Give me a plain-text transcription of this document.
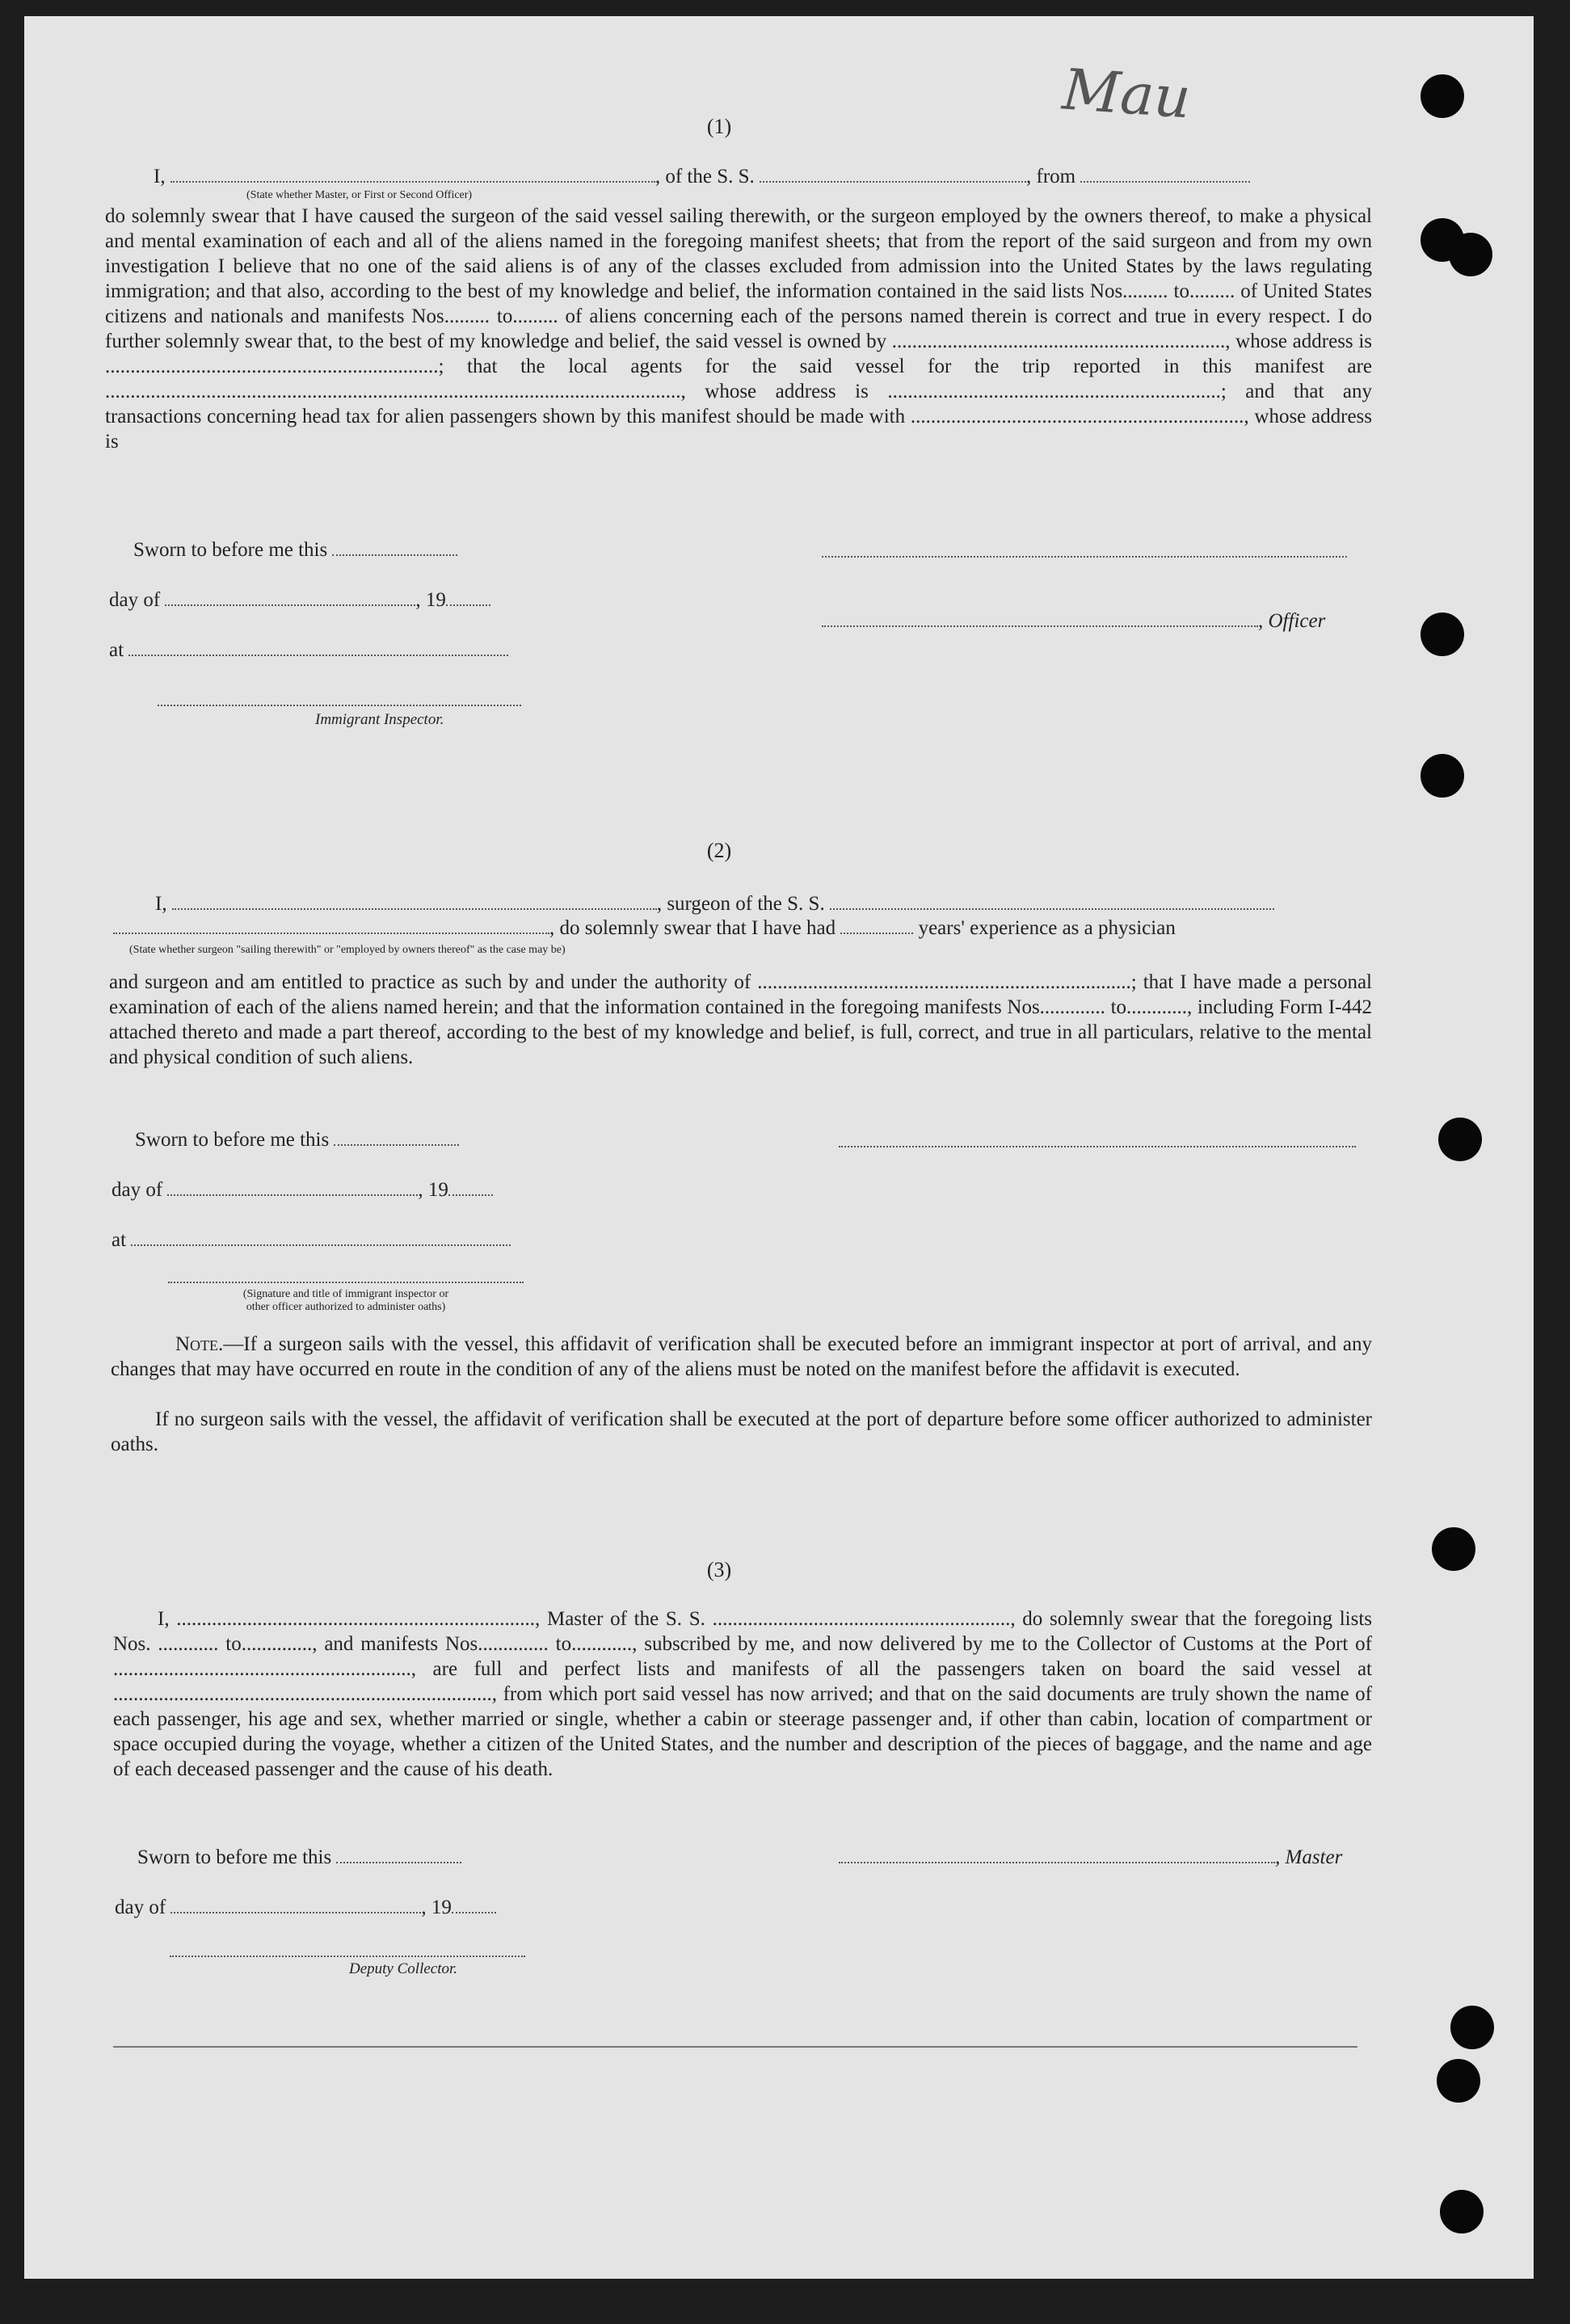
Mau
(1)
I,	, of the S. S.	, from
(State whether Master, or First or Second Officer)
do solemnly swear that I have caused the surgeon of the said vessel sailing therewith, or the surgeon employed by the owners thereof, to make a physical and mental examination of each and all of the aliens named in the foregoing manifest sheets; that from the report of the said surgeon and from my own investigation I believe that no one of the said aliens is of any of the classes excluded from admission into the United States by the laws regulating immigration; and that also, according to the best of my knowledge and belief, the information contained in the said lists Nos......... to......... of United States citizens and nationals and manifests Nos......... to......... of aliens concerning each of the persons named therein is correct and true in every respect. I do further solemnly swear that, to the best of my knowledge and belief, the said vessel is owned by .................................................................., whose address is ..................................................................; that the local agents for the said vessel for the trip reported in this manifest are .................................................................................................................., whose address is ..................................................................; and that any transactions concerning head tax for alien passengers shown by this manifest should be made with .................................................................., whose address is
Sworn to before me this
day of	, 19
at
Immigrant Inspector.
, Officer
(2)
I,	, surgeon of the S. S.
, do solemnly swear that I have had	years' experience as a physician
(State whether surgeon "sailing therewith" or "employed by owners thereof" as the case may be)
and surgeon and am entitled to practice as such by and under the authority of ..........................................................................; that I have made a personal examination of each of the aliens named herein; and that the information contained in the foregoing manifests Nos............. to............, including Form I-442 attached thereto and made a part thereof, according to the best of my knowledge and belief, is full, correct, and true in all particulars, relative to the mental and physical condition of such aliens.
Sworn to before me this
day of	, 19
at
(Signature and title of immigrant inspector or
other officer authorized to administer oaths)
Note.—If a surgeon sails with the vessel, this affidavit of verification shall be executed before an immigrant inspector at port of arrival, and any changes that may have occurred en route in the condition of any of the aliens must be noted on the manifest before the affidavit is executed.
If no surgeon sails with the vessel, the affidavit of verification shall be executed at the port of departure before some officer authorized to administer oaths.
(3)
I, ......................................................................., Master of the S. S. ..........................................................., do solemnly swear that the foregoing lists Nos. ............ to.............., and manifests Nos.............. to............, subscribed by me, and now delivered by me to the Collector of Customs at the Port of ..........................................................., are full and perfect lists and manifests of all the passengers taken on board the said vessel at ..........................................................................., from which port said vessel has now arrived; and that on the said documents are truly shown the name of each passenger, his age and sex, whether married or single, whether a cabin or steerage passenger and, if other than cabin, location of compartment or space occupied during the voyage, whether a citizen of the United States, and the number and description of the pieces of baggage, and the name and age of each deceased passenger and the cause of his death.
Sworn to before me this	, Master
day of	, 19
Deputy Collector.
